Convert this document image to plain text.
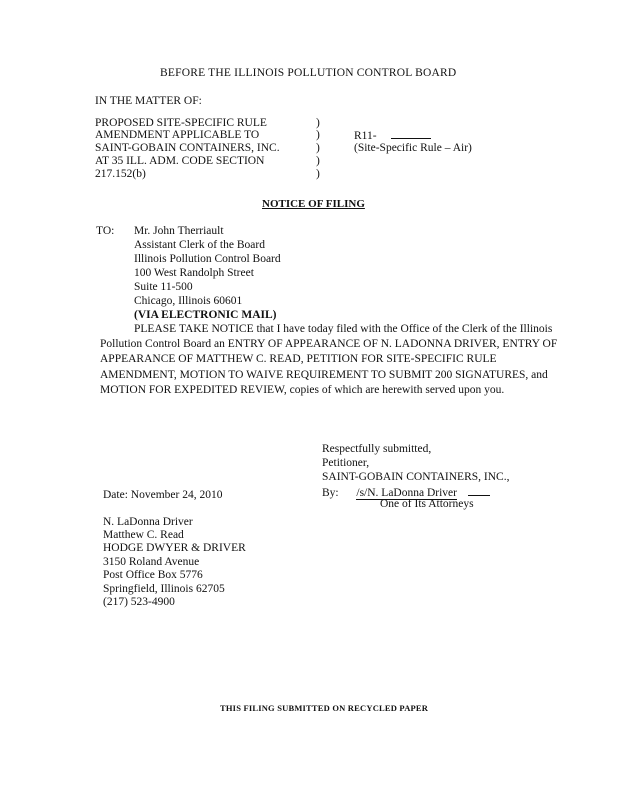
BEFORE THE ILLINOIS POLLUTION CONTROL BOARD
IN THE MATTER OF:
PROPOSED SITE-SPECIFIC RULE
AMENDMENT APPLICABLE TO
SAINT-GOBAIN CONTAINERS, INC.
AT 35 ILL. ADM. CODE SECTION
217.152(b)
)
)
)
)
)
R11-
(Site-Specific Rule – Air)
NOTICE OF FILING
TO: Mr. John Therriault
Assistant Clerk of the Board
Illinois Pollution Control Board
100 West Randolph Street
Suite 11-500
Chicago, Illinois 60601
(VIA ELECTRONIC MAIL)
PLEASE TAKE NOTICE that I have today filed with the Office of the Clerk of the Illinois Pollution Control Board an ENTRY OF APPEARANCE OF N. LADONNA DRIVER, ENTRY OF APPEARANCE OF MATTHEW C. READ, PETITION FOR SITE-SPECIFIC RULE AMENDMENT, MOTION TO WAIVE REQUIREMENT TO SUBMIT 200 SIGNATURES, and MOTION FOR EXPEDITED REVIEW, copies of which are herewith served upon you.
Respectfully submitted,
SAINT-GOBAIN CONTAINERS, INC.,
Petitioner,
Date: November 24, 2010	By: /s/N. LaDonna Driver
One of Its Attorneys
N. LaDonna Driver
Matthew C. Read
HODGE DWYER & DRIVER
3150 Roland Avenue
Post Office Box 5776
Springfield, Illinois 62705
(217) 523-4900
THIS FILING SUBMITTED ON RECYCLED PAPER
